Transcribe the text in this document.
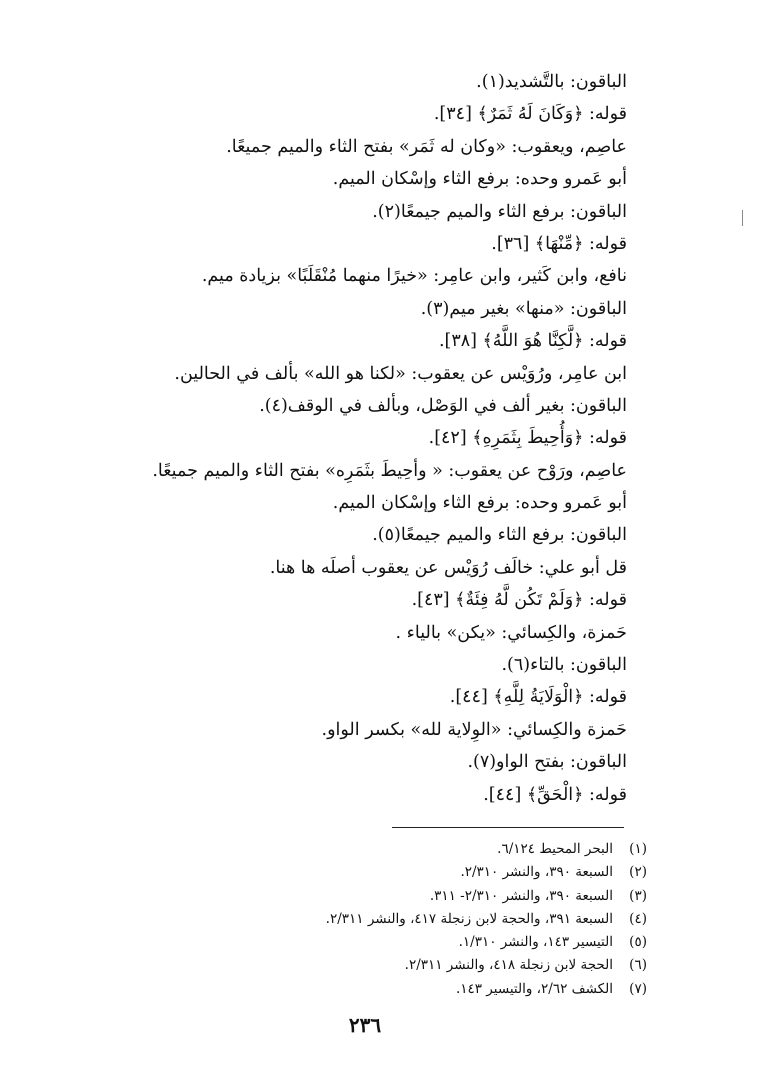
الباقون: بالتَّشديد(١).
قوله: ﴿وَكَانَ لَهُ ثَمَرٌ﴾ [٣٤].
عاصِم، ويعقوب: «وكان له ثَمَر» بفتح الثاء والميم جميعًا.
أبو عَمرو وحده: برفع الثاء وإسْكان الميم.
الباقون: برفع الثاء والميم جيمعًا(٢).
قوله: ﴿مِّنْهَا﴾ [٣٦].
نافع، وابن كَثير، وابن عامِر: «خيرًا منهما مُنْقَلَبًا» بزيادة ميم.
الباقون: «منها» بغير ميم(٣).
قوله: ﴿لَّكِنَّا هُوَ اللَّهُ﴾ [٣٨].
ابن عامِر، ورُوَيْس عن يعقوب: «لكنا هو الله» بألف في الحالين.
الباقون: بغير ألف في الوَصْل، وبألف في الوقف(٤).
قوله: ﴿وَأُحِيطَ بِثَمَرِهِ﴾ [٤٢].
عاصِم، ورَوْح عن يعقوب: « وأحِيطَ بثَمَرِه» بفتح الثاء والميم جميعًا.
أبو عَمرو وحده: برفع الثاء وإسْكان الميم.
الباقون: برفع الثاء والميم جيمعًا(٥).
قل أبو علي: خالَف رُوَيْس عن يعقوب أصلَه ها هنا.
قوله: ﴿وَلَمْ تَكُن لَّهُ فِئَةٌ﴾ [٤٣].
حَمزة، والكِسائي: «يكن» بالياء .
الباقون: بالتاء(٦).
قوله: ﴿الْوَلَايَةُ لِلَّهِ﴾ [٤٤].
حَمزة والكِسائي: «الوِلاية لله» بكسر الواو.
الباقون: بفتح الواو(٧).
قوله: ﴿الْحَقِّ﴾ [٤٤].
(١)البحر المحيط ٦/١٢٤.
(٢)السبعة ٣٩٠، والنشر ٢/٣١٠.
(٣)السبعة ٣٩٠، والنشر ٢/٣١٠- ٣١١.
(٤)السبعة ٣٩١، والحجة لابن زنجلة ٤١٧، والنشر ٢/٣١١.
(٥)التيسير ١٤٣، والنشر ١/٣١٠.
(٦)الحجة لابن زنجلة ٤١٨، والنشر ٢/٣١١.
(٧)الكشف ٢/٦٢، والتيسير ١٤٣.
٢٣٦
